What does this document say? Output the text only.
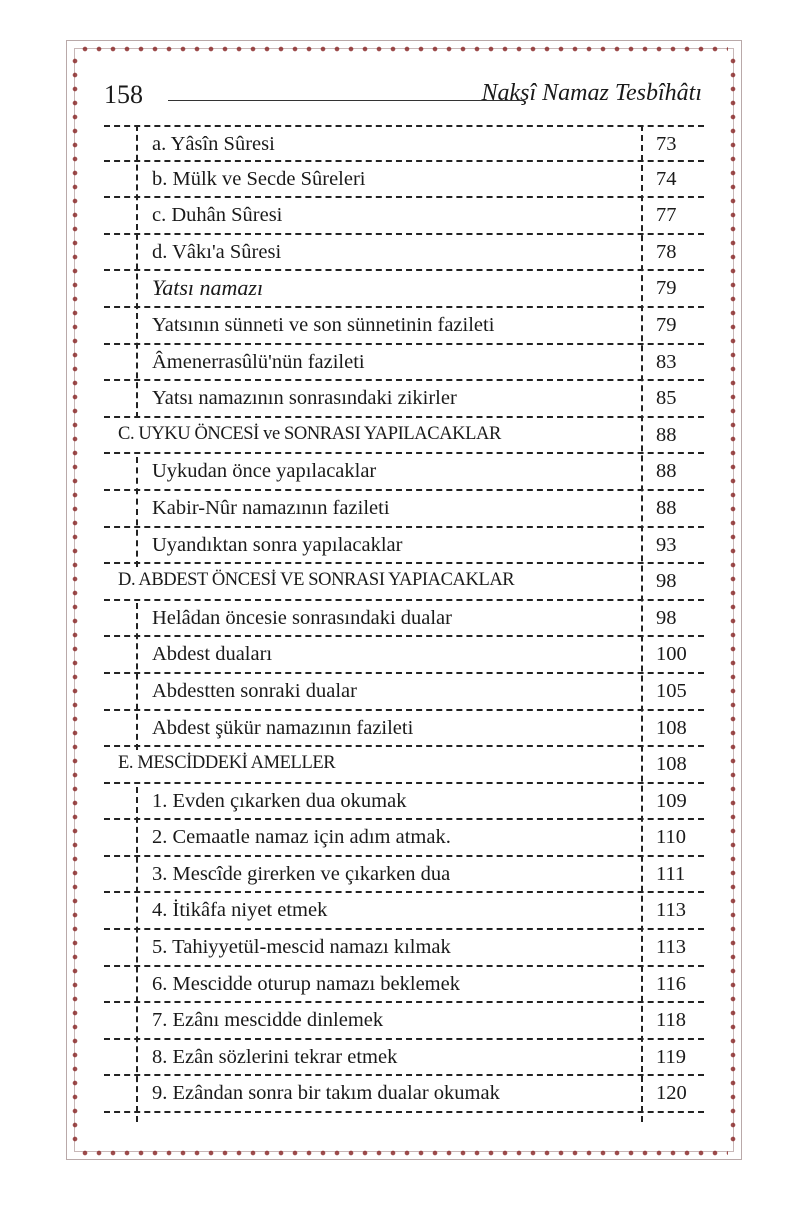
158	Nakşî Namaz Tesbîhâtı
a. Yâsîn Sûresi	73
b. Mülk ve Secde Sûreleri	74
c. Duhân Sûresi	77
d. Vâkı'a Sûresi	78
Yatsı namazı	79
Yatsının sünneti ve son sünnetinin fazileti	79
Âmenerrasûlü'nün fazileti	83
Yatsı namazının sonrasındaki zikirler	85
C. UYKU ÖNCESİ ve SONRASI YAPILACAKLAR	88
Uykudan önce yapılacaklar	88
Kabir-Nûr namazının fazileti	88
Uyandıktan sonra yapılacaklar	93
D. ABDEST ÖNCESİ VE SONRASI YAPIACAKLAR	98
Helâdan öncesie sonrasındaki dualar	98
Abdest duaları	100
Abdestten sonraki dualar	105
Abdest şükür namazının fazileti	108
E. MESCİDDEKİ AMELLER	108
1. Evden çıkarken dua okumak	109
2. Cemaatle namaz için adım atmak.	110
3. Mescîde girerken ve çıkarken dua	111
4. İtikâfa niyet etmek	113
5. Tahiyyetül-mescid namazı kılmak	113
6. Mescidde oturup namazı beklemek	116
7. Ezânı mescidde dinlemek	118
8. Ezân sözlerini tekrar etmek	119
9. Ezândan sonra bir takım dualar okumak	120
